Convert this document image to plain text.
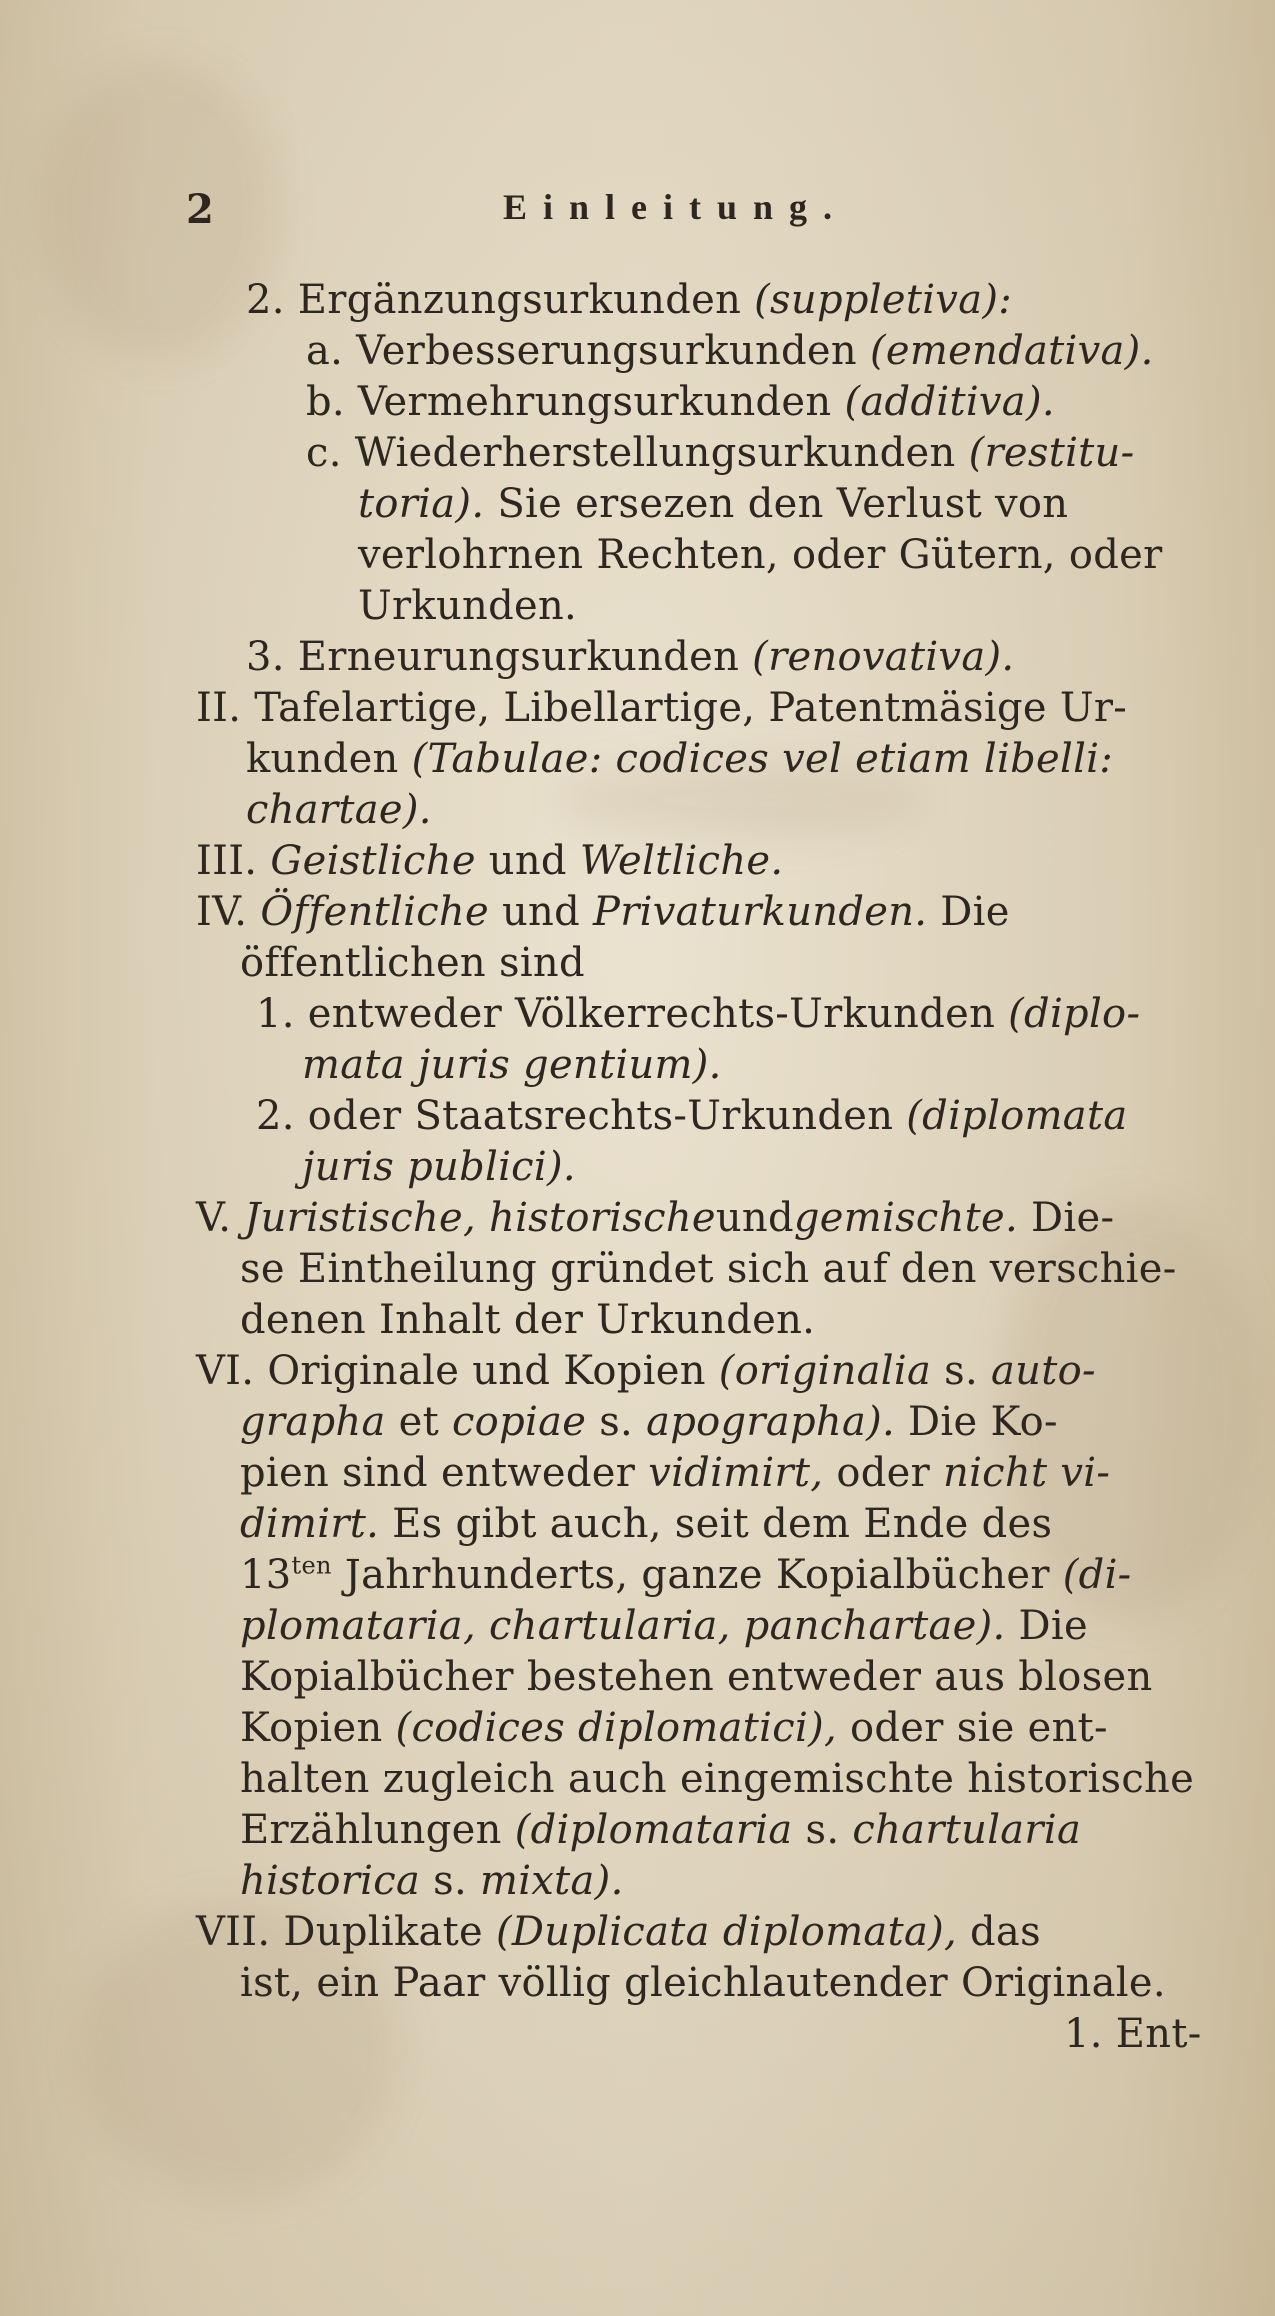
2	Einleitung.
2. Ergänzungsurkunden (suppletiva):
a. Verbesserungsurkunden (emendativa).
b. Vermehrungsurkunden (additiva).
c. Wiederherstellungsurkunden (restitu-
toria). Sie ersezen den Verlust von
verlohrnen Rechten, oder Gütern, oder
Urkunden.
3. Erneurungsurkunden (renovativa).
II. Tafelartige, Libellartige, Patentmäsige Ur-
kunden (Tabulae: codices vel etiam libelli:
chartae).
III. Geistliche und Weltliche.
IV. Öffentliche und Privaturkunden. Die
öffentlichen sind
1. entweder Völkerrechts-Urkunden (diplo-
mata juris gentium).
2. oder Staatsrechts-Urkunden (diplomata
juris publici).
V. Juristische, historischeundgemischte. Die-
se Eintheilung gründet sich auf den verschie-
denen Inhalt der Urkunden.
VI. Originale und Kopien (originalia s. auto-
grapha et copiae s. apographa). Die Ko-
pien sind entweder vidimirt, oder nicht vi-
dimirt. Es gibt auch, seit dem Ende des
$13^{ten}$ Jahrhunderts, ganze Kopialbücher (di-
plomataria, chartularia, panchartae). Die
Kopialbücher bestehen entweder aus blosen
Kopien (codices diplomatici), oder sie ent-
halten zugleich auch eingemischte historische
Erzählungen (diplomataria s. chartularia
historica s. mixta).
VII. Duplikate (Duplicata diplomata), das
ist, ein Paar völlig gleichlautender Originale.
1. Ent-
